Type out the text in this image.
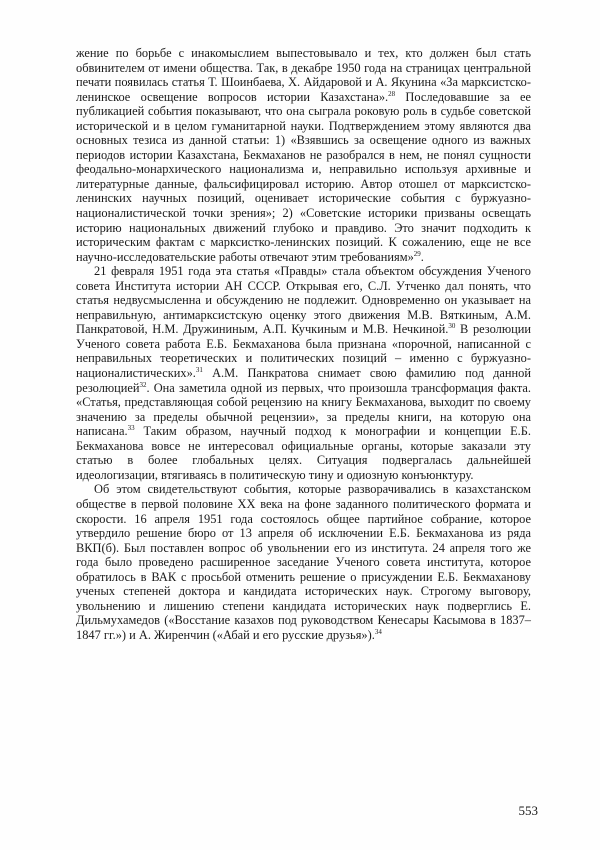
жение по борьбе с инакомыслием выпестовывало и тех, кто должен был стать обвинителем от имени общества. Так, в декабре 1950 года на страницах центральной печати появилась статья Т. Шоинбаева, Х. Айдаровой и А. Якунина «За марксистско-ленинское освещение вопросов истории Казахстана».$^{28}$ Последовавшие за ее публикацией события показывают, что она сыграла роковую роль в судьбе советской исторической и в целом гуманитарной науки. Подтверждением этому являются два основных тезиса из данной статьи: 1) «Взявшись за освещение одного из важных периодов истории Казахстана, Бекмаханов не разобрался в нем, не понял сущности феодально-монархического национализма и, неправильно используя архивные и литературные данные, фальсифицировал историю. Автор отошел от марксистско-ленинских научных позиций, оценивает исторические события с буржуазно-националистической точки зрения»; 2) «Советские историки призваны освещать историю национальных движений глубоко и правдиво. Это значит подходить к историческим фактам с марксистко-ленинских позиций. К сожалению, еще не все научно-исследовательские работы отвечают этим требованиям»$^{29}$.

21 февраля 1951 года эта статья «Правды» стала объектом обсуждения Ученого совета Института истории АН СССР. Открывая его, С.Л. Утченко дал понять, что статья недвусмысленна и обсуждению не подлежит. Одновременно он указывает на неправильную, антимарксистскую оценку этого движения М.В. Вяткиным, А.М. Панкратовой, Н.М. Дружининым, А.П. Кучкиным и М.В. Нечкиной.$^{30}$ В резолюции Ученого совета работа Е.Б. Бекмаханова была признана «порочной, написанной с неправильных теоретических и политических позиций – именно с буржуазно-националистических».$^{31}$ А.М. Панкратова снимает свою фамилию под данной резолюцией$^{32}$. Она заметила одной из первых, что произошла трансформация факта. «Статья, представляющая собой рецензию на книгу Бекмаханова, выходит по своему значению за пределы обычной рецензии», за пределы книги, на которую она написана.$^{33}$ Таким образом, научный подход к монографии и концепции Е.Б. Бекмаханова вовсе не интересовал официальные органы, которые заказали эту статью в более глобальных целях. Ситуация подвергалась дальнейшей идеологизации, втягиваясь в политическую тину и одиозную конъюнктуру.

Об этом свидетельствуют события, которые разворачивались в казахстанском обществе в первой половине XX века на фоне заданного политического формата и скорости. 16 апреля 1951 года состоялось общее партийное собрание, которое утвердило решение бюро от 13 апреля об исключении Е.Б. Бекмаханова из ряда ВКП(б). Был поставлен вопрос об увольнении его из института. 24 апреля того же года было проведено расширенное заседание Ученого совета института, которое обратилось в ВАК с просьбой отменить решение о присуждении Е.Б. Бекмаханову ученых степеней доктора и кандидата исторических наук. Строгому выговору, увольнению и лишению степени кандидата исторических наук подверглись Е. Дильмухамедов («Восстание казахов под руководством Кенесары Касымова в 1837–1847 гг.») и А. Жиренчин («Абай и его русские друзья»).$^{34}$

553
